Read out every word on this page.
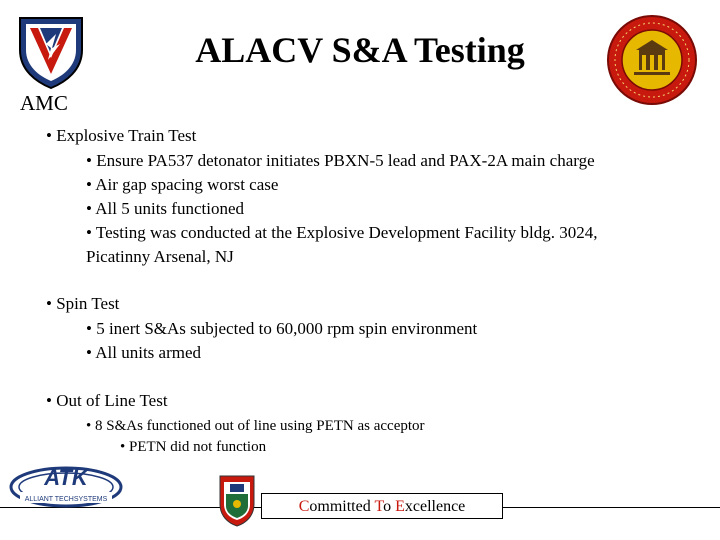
ALACV S&A Testing
AMC
• Explosive Train Test
• Ensure PA537 detonator initiates PBXN-5 lead and PAX-2A main charge
• Air gap spacing worst case
• All 5 units functioned
• Testing was conducted at the Explosive Development Facility bldg. 3024,
Picatinny Arsenal, NJ
• Spin Test
• 5 inert S&As subjected to 60,000 rpm spin environment
• All units armed
• Out of Line Test
• 8 S&As functioned out of line using PETN as acceptor
• PETN did not function
ATK
ALLIANT TECHSYSTEMS	Committed To Excellence
